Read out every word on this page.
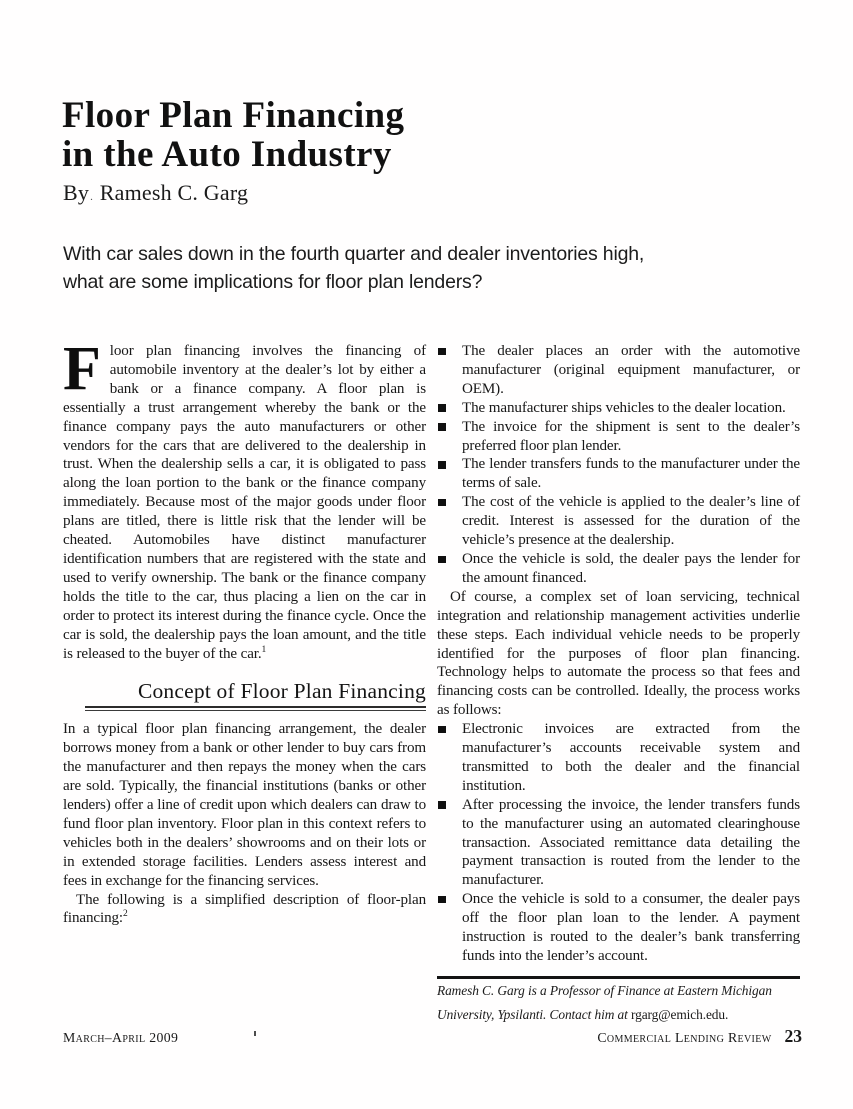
Floor Plan Financing
in the Auto Industry
By. Ramesh C. Garg

With car sales down in the fourth quarter and dealer inventories high, what are some implications for floor plan lenders?

Floor plan financing involves the financing of automobile inventory at the dealer’s lot by either a bank or a finance company. A floor plan is essentially a trust arrangement whereby the bank or the finance company pays the auto manufacturers or other vendors for the cars that are delivered to the dealership in trust. When the dealership sells a car, it is obligated to pass along the loan portion to the bank or the finance company immediately. Because most of the major goods under floor plans are titled, there is little risk that the lender will be cheated. Automobiles have distinct manufacturer identification numbers that are registered with the state and used to verify ownership. The bank or the finance company holds the title to the car, thus placing a lien on the car in order to protect its interest during the finance cycle. Once the car is sold, the dealership pays the loan amount, and the title is released to the buyer of the car.$^1$

Concept of Floor Plan Financing

In a typical floor plan financing arrangement, the dealer borrows money from a bank or other lender to buy cars from the manufacturer and then repays the money when the cars are sold. Typically, the financial institutions (banks or other lenders) offer a line of credit upon which dealers can draw to fund floor plan inventory. Floor plan in this context refers to vehicles both in the dealers’ showrooms and on their lots or in extended storage facilities. Lenders assess interest and fees in exchange for the financing services.

The following is a simplified description of floor-plan financing:$^2$

The dealer places an order with the automotive manufacturer (original equipment manufacturer, or OEM).
The manufacturer ships vehicles to the dealer location.
The invoice for the shipment is sent to the dealer’s preferred floor plan lender.
The lender transfers funds to the manufacturer under the terms of sale.
The cost of the vehicle is applied to the dealer’s line of credit. Interest is assessed for the duration of the vehicle’s presence at the dealership.
Once the vehicle is sold, the dealer pays the lender for the amount financed.

Of course, a complex set of loan servicing, technical integration and relationship management activities underlie these steps. Each individual vehicle needs to be properly identified for the purposes of floor plan financing. Technology helps to automate the process so that fees and financing costs can be controlled. Ideally, the process works as follows:

Electronic invoices are extracted from the manufacturer’s accounts receivable system and transmitted to both the dealer and the financial institution.
After processing the invoice, the lender transfers funds to the manufacturer using an automated clearinghouse transaction. Associated remittance data detailing the payment transaction is routed from the lender to the manufacturer.
Once the vehicle is sold to a consumer, the dealer pays off the floor plan loan to the lender. A payment instruction is routed to the dealer’s bank transferring funds into the lender’s account.

Ramesh C. Garg is a Professor of Finance at Eastern Michigan University, Ypsilanti. Contact him at rgarg@emich.edu.

March–April 2009	Commercial Lending Review 23
